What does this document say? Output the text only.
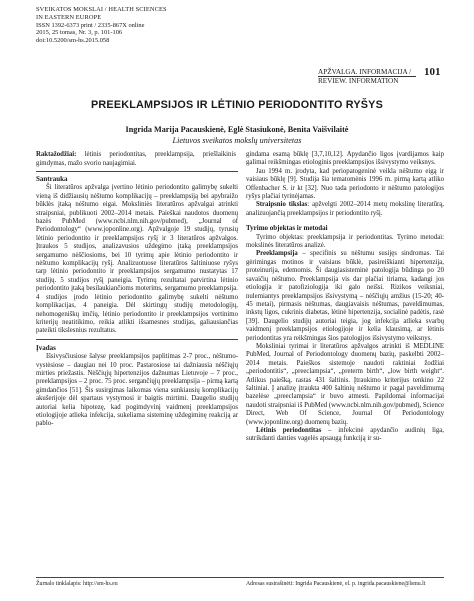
SVEIKATOS MOKSLAI / HEALTH SCIENCES
IN EASTERN EUROPE
ISSN 1392-6373 print / 2335-867X online
2015, 25 tomas, Nr. 3, p. 101-106
doi:10.5200/sm-hs.2015.058
APŽVALGA. INFORMACIJA /
REVIEW. INFORMATION
101
PREEKLAMPSIJOS IR LĖTINIO PERIODONTITO RYŠYS
Ingrida Marija Pacauskienė, Eglė Stasiukonė, Benita Vaišvilaitė
Lietuvos sveikatos mokslų universitetas
Raktažodžiai: lėtinis periodontitas, preeklampsija, priešlaikinis gimdymas, mažo svorio naujagimiai.
Santrauka

Ši literatūros apžvalga įvertino lėtinio periodontito galimybę sukelti vieną iš didžiausių nėštumo komplikacijų – preeklampsiją bei apybraižo būklės įtaką nėštumo eigai. Moksliniės literatūros apžvalgai atrinkti straipsniai, publikuoti 2002–2014 metais. Paieškai naudotos duomenų bazės PubMed (www.ncbi.nlm.nih.gov/pubmed), „Journal of Periodontology“ (www.joponline.org). Apžvalgoje 19 studijų, tyrusių lėtinio periodontito ir preeklampsijos ryšį ir 3 literatūros apžvalgos. Įtraukos 5 studijos, analizavusios uždegimo įtaką preeklampsijos sergamumo nėščiosioms, bei 10 tyrimų apie lėtinio periodontito ir nėštumo komplikacijų ryšį. Analizuotuose literatūros šaltiniuose ryšys tarp lėtinio periodontito ir preeklampsijos sergamumo nustatytas 17 studijų. 5 studijos ryšį paneigia. Tyrimų rezultatai patvirtina lėtinio periodontito įtaką besilaukiančioms moterims, sergamumo preeklampsija. 4 studijos įrodo lėtinio periodontito galimybę sukelti nėštumo komplikacijas, 4 paneigia. Dėl skirtingų studijų metodologijų, nehomogeniškų imčių, lėtinio periodontito ir preeklampsijos vertinimo kriterijų neatitikimo, reikia atlikti išsamesnes studijas, galiausiančias pateikti tikslesnius rezultatus.

Įvadas

Išsivysčiusiose šalyse preeklampsijos paplitimas 2-7 proc., nėštumo-vystėsiose – daugiau nei 10 proc. Pastarosiose tai dažniausia nėščiųjų mirties priežastis. Nėščiųjų hipertenzijos dažnumas Lietuvoje – 7 proc., preeklampsijos – 2 proc. 75 proc. sergančiųjų preeklampsija – pirmą kartą gimdančios [51]. Šis susirgimas laikomas viena sunkiausių komplikacijų akušerijoje dėl spartaus vystymosi ir baigtis mirtimi. Daugelio studijų autoriai kelia hipotezę, kad pogimdyvinį vaidmenį preeklampsijos etiologijoje atlieka infekcija, sukeliama sisteminę uždegiminę reakciją ar pablo-

gindama esamą būklę [3,7,10,12]. Apydančio ligos įvardijamos kaip galimai reikšmingas etiologinis preeklampsijos išsivystymo veiksnys.

Jau 1994 m. įrodyta, kad periopatogeninė veikla nėštumo eigą ir vaisiaus būklę [9]. Studija šia tematomėnis 1996 m. pirmą kartą atliko Offenbacher S. ir kt [32]. Nuo tada periodonto ir nėštumo patologijos ryšys plačiai tyrinėjamas.

Straipsnio tikslas: apžvelgti 2002–2014 metų mokslinę literatūrą, analizuojančią preeklampsijos ir periodontito ryšį.

Tyrimo objektas ir metodai

Tyrimo objektas: preeklampsija ir periodontitas. Tyrimo metodai: mokslinės literatūros analizė.

Preeklampsija – specifinis su nėštumu susijęs sindromas. Tai gėrimingas motinos ir vaisiaus būklė, pasireiškianti hipertenzija, proteinurija, edemomis. Ši daugiasisteminė patologija būdinga po 20 savaičių nėštumo. Preeklampsija vis dar plačiai tiriama, kadangi jos etiologija ir patofiziologija iki galo neišsi. Rizikos veiksniai, nulemiantys preeklampsijos išsivystymą – nėščiųjų amžius (15-20; 40-45 metai), pirmasis nėštumas, daugiavaisis nėštumas, paveldimumas, inkstų ligos, cukrinis diabetas, lėtinė hipertenzija, socialinė padėtis, rasė [39]. Daugelio studijų autoriai teigia, jog infekcija atlieka svarbų vaidmenį preeklampsijos etiologijoje ir kelia klausimą, ar lėtinis periodontitas yra reikšmingas šios patologijos išsivystymo veiksnys.

Moksliniai tyrimai ir literatūros apžvalgos atrinkti iš MEDLINE PubMed, Journal of Periodontology duomenų bazių, paskelbti 2002–2014 metais. Paieškos sistemoje naudoti raktiniai žodžiai „periodontitis“, „preeclampsia“, „preterm birth“, „low birth weight“. Atlikus paiešką, rastas 431 šaltinis. Įtraukimo kriterijus tenkino 22 šaltiniai. Į analizę įtraukta 400 šaltinių nėštumo ir pagal paveldimumą bazelėse „preeclampsia“ ir buvo atmesti. Papildomai informacijai naudoti straipsniai iš PubMed (www.ncbi.nlm.nih.gov/pubmed), Science Direct, Web Of Science, Journal Of Periodontology (www.joponline.org) duomenų bazių.

Lėtinis periodontitas – infekcinė apydančio audinių liga, sutrikdanti danties vagelės apsaugą funkciją ir su-

Žurnalo tinklalapis: http://sm-hs.eu	Adresas susirašinėti: Ingrida Pacauskienė, el. p. ingrida.pacauskiene@lsmu.lt
